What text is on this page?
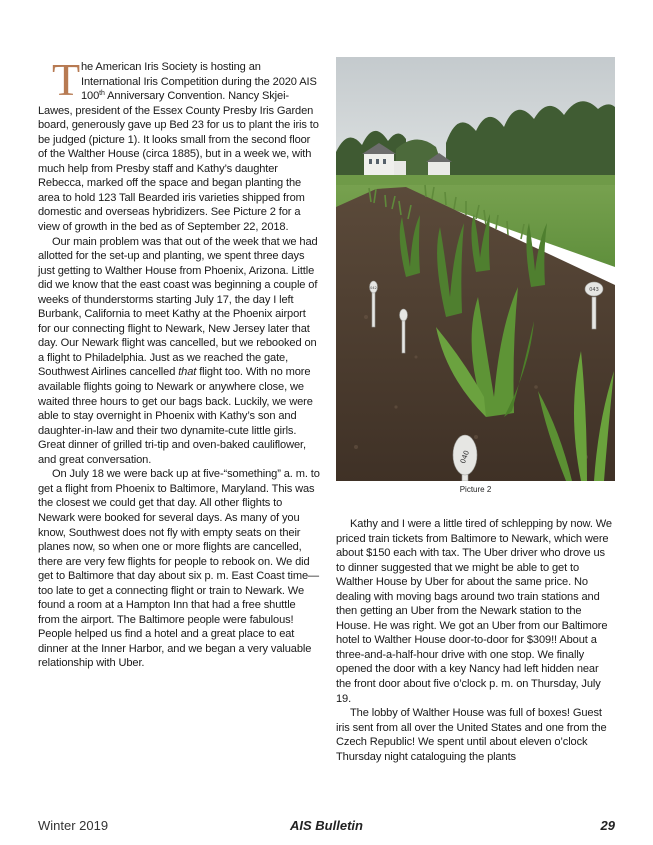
The American Iris Society is hosting an International Iris Competition during the 2020 AIS 100th Anniversary Convention. Nancy Skjei-Lawes, president of the Essex County Presby Iris Garden board, generously gave up Bed 23 for us to plant the iris to be judged (picture 1). It looks small from the second floor of the Walther House (circa 1885), but in a week we, with much help from Presby staff and Kathy’s daughter Rebecca, marked off the space and began planting the area to hold 123 Tall Bearded iris varieties shipped from domestic and overseas hybridizers. See Picture 2 for a view of growth in the bed as of September 22, 2018.

Our main problem was that out of the week that we had allotted for the set-up and planting, we spent three days just getting to Walther House from Phoenix, Arizona. Little did we know that the east coast was beginning a couple of weeks of thunderstorms starting July 17, the day I left Burbank, California to meet Kathy at the Phoenix airport for our connecting flight to Newark, New Jersey later that day. Our Newark flight was cancelled, but we rebooked on a flight to Philadelphia. Just as we reached the gate, Southwest Airlines cancelled that flight too. With no more available flights going to Newark or anywhere close, we waited three hours to get our bags back. Luckily, we were able to stay overnight in Phoenix with Kathy’s son and daughter-in-law and their two dynamite-cute little girls. Great dinner of grilled tri-tip and oven-baked cauliflower, and great conversation.

On July 18 we were back up at five-“something” a. m. to get a flight from Phoenix to Baltimore, Maryland. This was the closest we could get that day. All other flights to Newark were booked for several days. As many of you know, Southwest does not fly with empty seats on their planes now, so when one or more flights are cancelled, there are very few flights for people to rebook on. We did get to Baltimore that day about six p. m. East Coast time—too late to get a connecting flight or train to Newark. We found a room at a Hampton Inn that had a free shuttle from the airport. The Baltimore people were fabulous! People helped us find a hotel and a great place to eat dinner at the Inner Harbor, and we began a very valuable relationship with Uber.

040
043
042
Picture 2

Kathy and I were a little tired of schlepping by now. We priced train tickets from Baltimore to Newark, which were about $150 each with tax. The Uber driver who drove us to dinner suggested that we might be able to get to Walther House by Uber for about the same price. No dealing with moving bags around two train stations and then getting an Uber from the Newark station to the House. He was right. We got an Uber from our Baltimore hotel to Walther House door-to-door for $309!! About a three-and-a-half-hour drive with one stop. We finally opened the door with a key Nancy had left hidden near the front door about five o’clock p. m. on Thursday, July 19.

The lobby of Walther House was full of boxes! Guest iris sent from all over the United States and one from the Czech Republic! We spent until about eleven o’clock Thursday night cataloguing the plants

AIS Bulletin
Winter 2019	29
